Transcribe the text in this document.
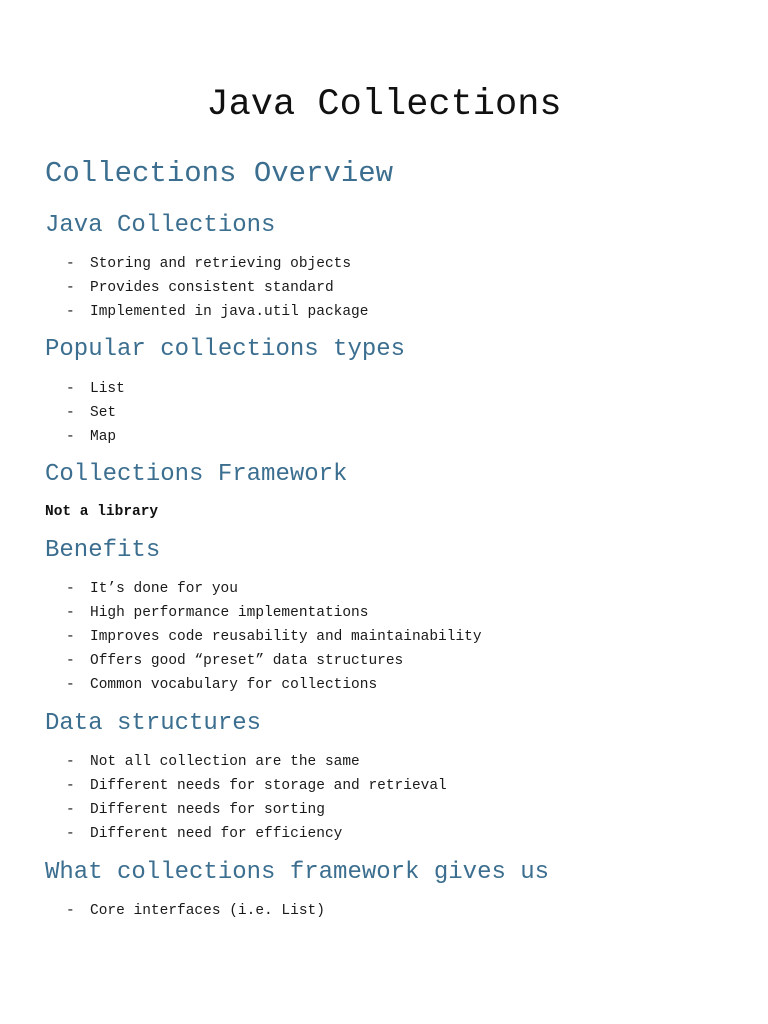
Java Collections
Collections Overview
Java Collections
- Storing and retrieving objects
- Provides consistent standard
- Implemented in java.util package
Popular collections types
- List
- Set
- Map
Collections Framework

Not a library

Benefits
- It’s done for you
- High performance implementations
- Improves code reusability and maintainability
- Offers good “preset” data structures
- Common vocabulary for collections
Data structures
- Not all collection are the same
- Different needs for storage and retrieval
- Different needs for sorting
- Different need for efficiency
What collections framework gives us
- Core interfaces (i.e. List)
